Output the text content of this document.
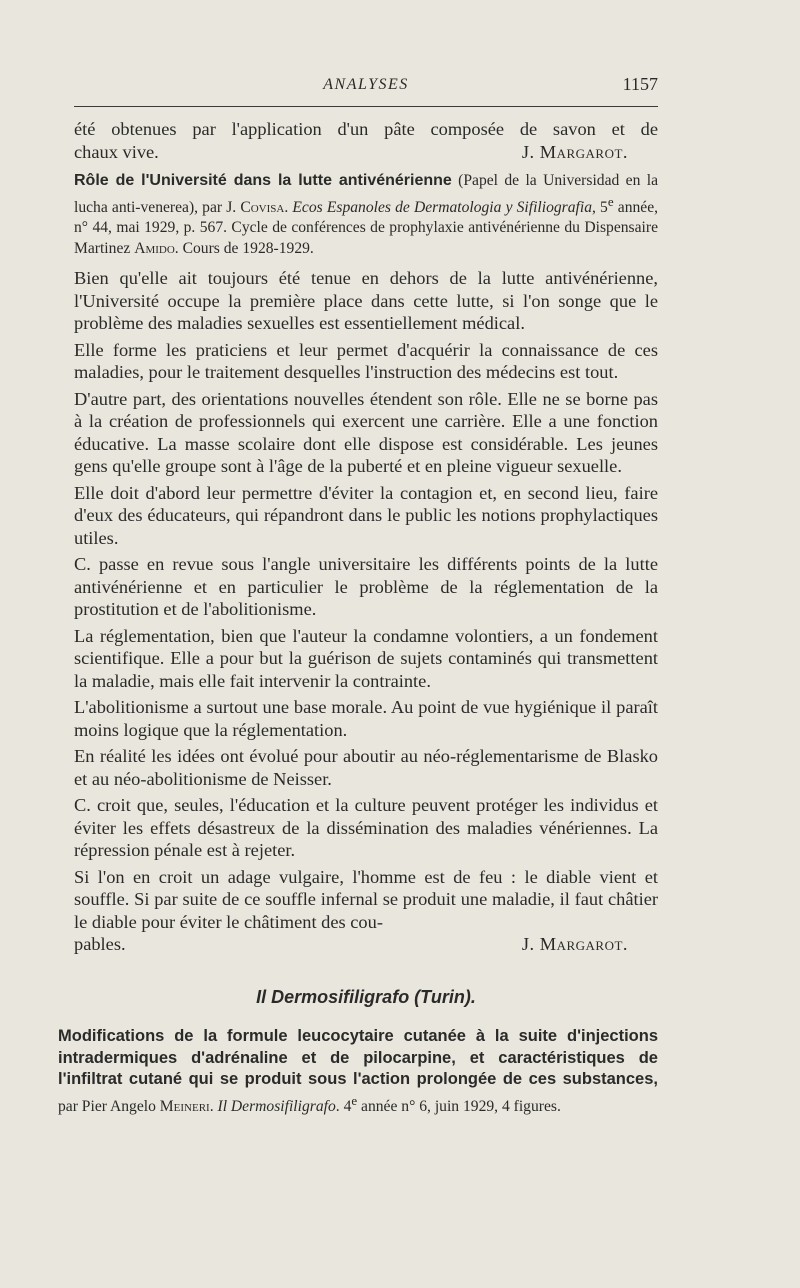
ANALYSES	1157

été obtenues par l'application d'un pâte composée de savon et de

chaux vive.	J. Margarot.

Rôle de l'Université dans la lutte antivénérienne (Papel de la Universidad en la lucha anti-venerea), par J. Covisa. Ecos Espanoles de Dermatologia y Sifiliografia, 5e année, n° 44, mai 1929, p. 567. Cycle de conférences de prophylaxie antivénérienne du Dispensaire Martinez Amido. Cours de 1928-1929.

Bien qu'elle ait toujours été tenue en dehors de la lutte antivénérienne, l'Université occupe la première place dans cette lutte, si l'on songe que le problème des maladies sexuelles est essentiellement médical.

Elle forme les praticiens et leur permet d'acquérir la connaissance de ces maladies, pour le traitement desquelles l'instruction des médecins est tout.

D'autre part, des orientations nouvelles étendent son rôle. Elle ne se borne pas à la création de professionnels qui exercent une carrière. Elle a une fonction éducative. La masse scolaire dont elle dispose est considérable. Les jeunes gens qu'elle groupe sont à l'âge de la puberté et en pleine vigueur sexuelle.

Elle doit d'abord leur permettre d'éviter la contagion et, en second lieu, faire d'eux des éducateurs, qui répandront dans le public les notions prophylactiques utiles.

C. passe en revue sous l'angle universitaire les différents points de la lutte antivénérienne et en particulier le problème de la réglementation de la prostitution et de l'abolitionisme.

La réglementation, bien que l'auteur la condamne volontiers, a un fondement scientifique. Elle a pour but la guérison de sujets contaminés qui transmettent la maladie, mais elle fait intervenir la contrainte.

L'abolitionisme a surtout une base morale. Au point de vue hygiénique il paraît moins logique que la réglementation.

En réalité les idées ont évolué pour aboutir au néo-réglementarisme de Blasko et au néo-abolitionisme de Neisser.

C. croit que, seules, l'éducation et la culture peuvent protéger les individus et éviter les effets désastreux de la dissémination des maladies vénériennes. La répression pénale est à rejeter.

Si l'on en croit un adage vulgaire, l'homme est de feu : le diable vient et souffle. Si par suite de ce souffle infernal se produit une maladie, il faut châtier le diable pour éviter le châtiment des cou-

pables.	J. Margarot.
Il Dermosifiligrafo (Turin).

Modifications de la formule leucocytaire cutanée à la suite d'injections intradermiques d'adrénaline et de pilocarpine, et caractéristiques de l'infiltrat cutané qui se produit sous l'action prolongée de ces substances, par Pier Angelo Meineri. Il Dermosifiligrafo. 4e année n° 6, juin 1929, 4 figures.
